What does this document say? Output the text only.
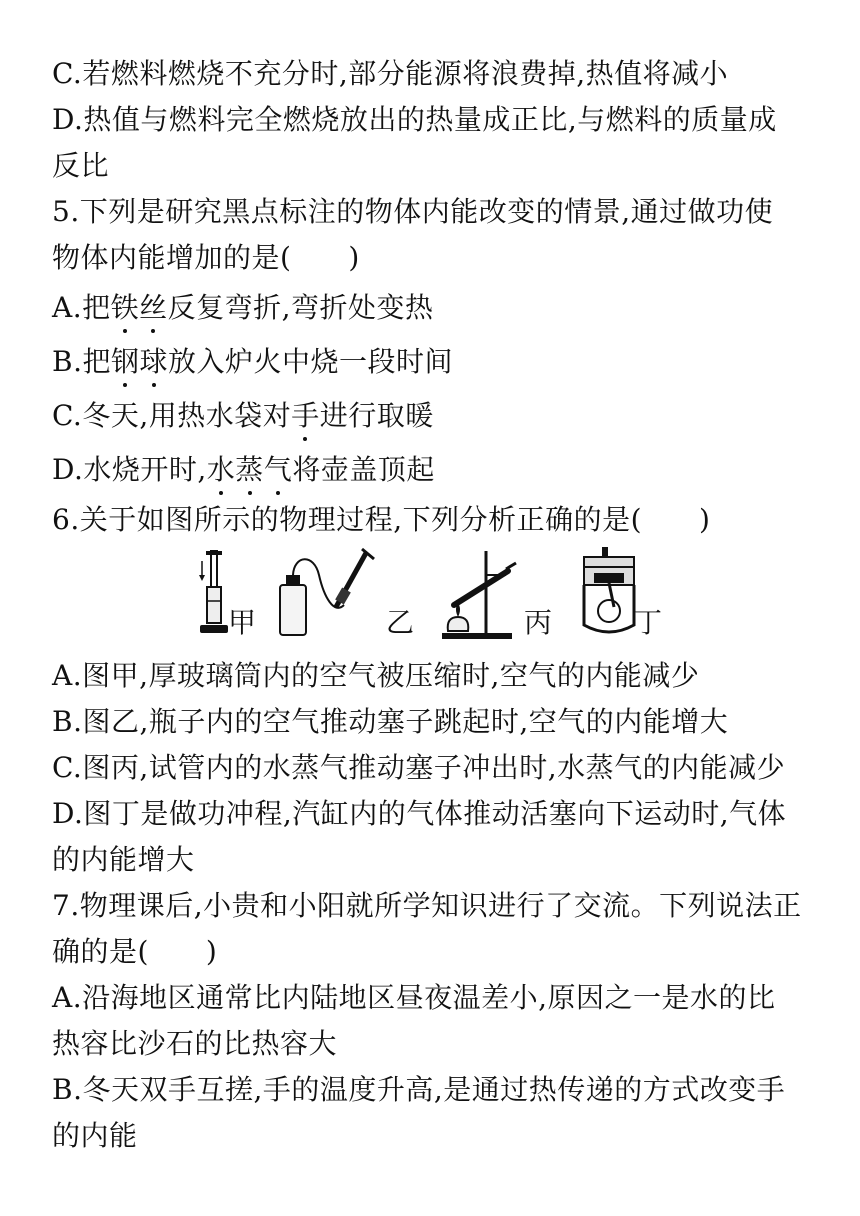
C.若燃料燃烧不充分时,部分能源将浪费掉,热值将减小
D.热值与燃料完全燃烧放出的热量成正比,与燃料的质量成
反比
5.下列是研究黑点标注的物体内能改变的情景,通过做功使
物体内能增加的是(　　)
A.把铁丝反复弯折,弯折处变热
B.把钢球放入炉火中烧一段时间
C.冬天,用热水袋对手进行取暖
D.水烧开时,水蒸气将壶盖顶起
6.关于如图所示的物理过程,下列分析正确的是(　　)
甲	乙	丙	丁
A.图甲,厚玻璃筒内的空气被压缩时,空气的内能减少
B.图乙,瓶子内的空气推动塞子跳起时,空气的内能增大
C.图丙,试管内的水蒸气推动塞子冲出时,水蒸气的内能减少
D.图丁是做功冲程,汽缸内的气体推动活塞向下运动时,气体
的内能增大
7.物理课后,小贵和小阳就所学知识进行了交流。下列说法正
确的是(　　)
A.沿海地区通常比内陆地区昼夜温差小,原因之一是水的比
热容比沙石的比热容大
B.冬天双手互搓,手的温度升高,是通过热传递的方式改变手
的内能
